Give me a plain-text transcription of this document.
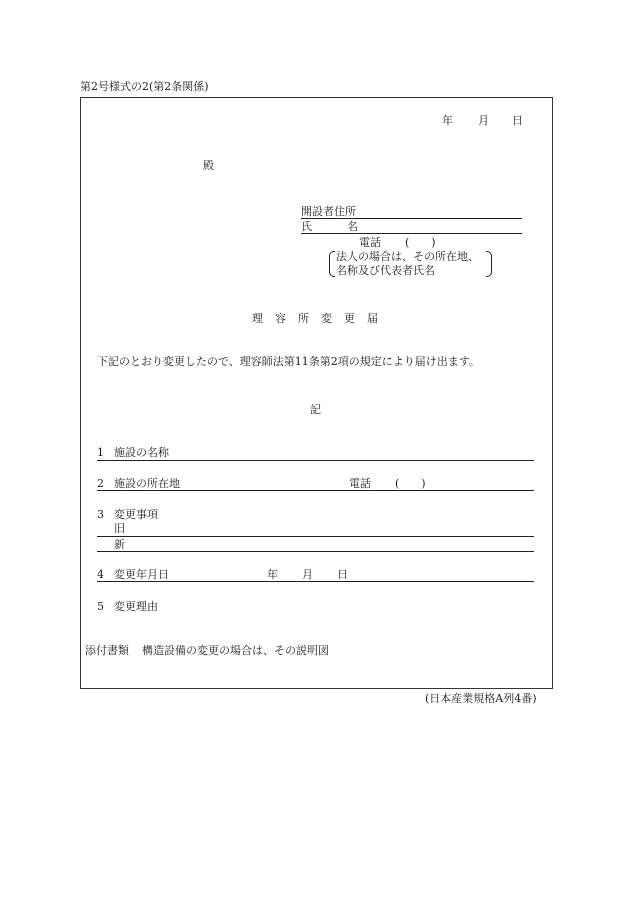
第2号様式の2(第2条関係)
年 月 日
殿
開設者住所
氏	名
電話 (　　)
法人の場合は、その所在地、
名称及び代表者氏名
理容所変更届
下記のとおり変更したので、理容師法第11条第2項の規定により届け出ます。
記
1 施設の名称
2 施設の所在地	電話 (　　)
3 変更事項
旧
新
4 変更年月日	年 月 日
5 変更理由
添付書類 構造設備の変更の場合は、その説明図
(日本産業規格A列4番)
